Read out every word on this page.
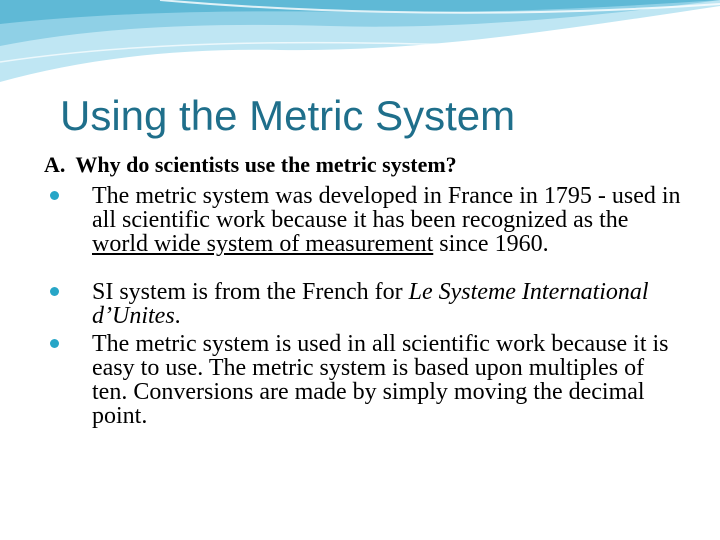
Using the Metric System
A. Why do scientists use the metric system?
The metric system was developed in France in 1795 - used in all scientific work because it has been recognized as the world wide system of measurement since 1960.
SI system is from the French for Le Systeme International d’Unites.
The metric system is used in all scientific work because it is easy to use. The metric system is based upon multiples of ten. Conversions are made by simply moving the decimal point.
